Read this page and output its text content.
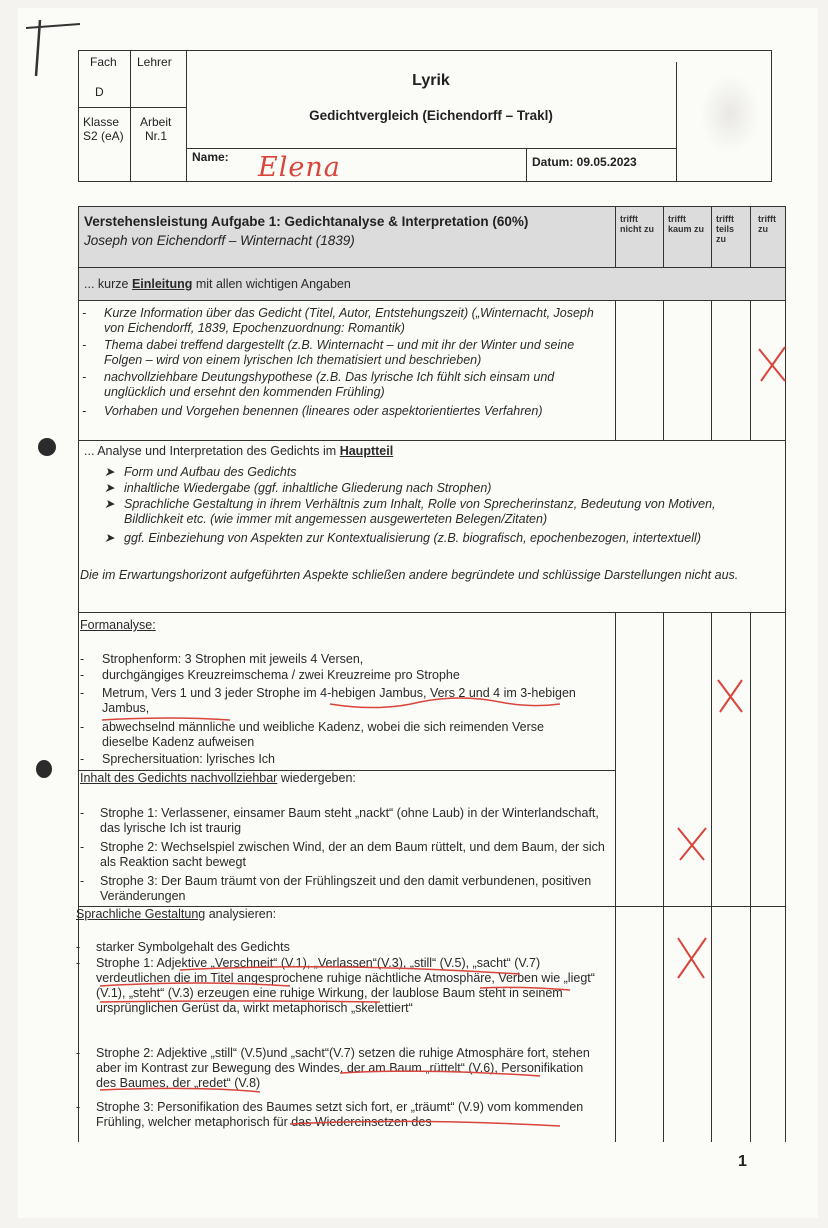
Fach
D
Lehrer
Klasse
S2 (eA)
Arbeit
Nr.1
Lyrik
Gedichtvergleich (Eichendorff – Trakl)
Name: Elena	Datum: 09.05.2023
Verstehensleistung Aufgabe 1: Gedichtanalyse & Interpretation (60%)
Joseph von Eichendorff – Winternacht (1839)
trifft nicht zu
trifft kaum zu
trifft teils zu
trifft zu
... kurze Einleitung mit allen wichtigen Angaben
- Kurze Information über das Gedicht (Titel, Autor, Entstehungszeit) („Winternacht, Joseph von Eichendorff, 1839, Epochenzuordnung: Romantik)
- Thema dabei treffend dargestellt (z.B. Winternacht – und mit ihr der Winter und seine Folgen – wird von einem lyrischen Ich thematisiert und beschrieben)
- nachvollziehbare Deutungshypothese (z.B. Das lyrische Ich fühlt sich einsam und unglücklich und ersehnt den kommenden Frühling)
- Vorhaben und Vorgehen benennen (lineares oder aspektorientiertes Verfahren)
... Analyse und Interpretation des Gedichts im Hauptteil
➤ Form und Aufbau des Gedichts
➤ inhaltliche Wiedergabe (ggf. inhaltliche Gliederung nach Strophen)
➤ Sprachliche Gestaltung in ihrem Verhältnis zum Inhalt, Rolle von Sprecherinstanz, Bedeutung von Motiven, Bildlichkeit etc. (wie immer mit angemessen ausgewerteten Belegen/Zitaten)
➤ ggf. Einbeziehung von Aspekten zur Kontextualisierung (z.B. biografisch, epochenbezogen, intertextuell)
Die im Erwartungshorizont aufgeführten Aspekte schließen andere begründete und schlüssige Darstellungen nicht aus.
Formanalyse:
- Strophenform: 3 Strophen mit jeweils 4 Versen,
- durchgängiges Kreuzreimschema / zwei Kreuzreime pro Strophe
- Metrum, Vers 1 und 3 jeder Strophe im 4-hebigen Jambus, Vers 2 und 4 im 3-hebigen Jambus,
- abwechselnd männliche und weibliche Kadenz, wobei die sich reimenden Verse dieselbe Kadenz aufweisen
- Sprechersituation: lyrisches Ich
Inhalt des Gedichts nachvollziehbar wiedergeben:
- Strophe 1: Verlassener, einsamer Baum steht „nackt“ (ohne Laub) in der Winterlandschaft, das lyrische Ich ist traurig
- Strophe 2: Wechselspiel zwischen Wind, der an dem Baum rüttelt, und dem Baum, der sich als Reaktion sacht bewegt
- Strophe 3: Der Baum träumt von der Frühlingszeit und den damit verbundenen, positiven Veränderungen
Sprachliche Gestaltung analysieren:
- starker Symbolgehalt des Gedichts
- Strophe 1: Adjektive „Verschneit“ (V.1), „Verlassen“(V.3), „still“ (V.5), „sacht“ (V.7) verdeutlichen die im Titel angesprochene ruhige nächtliche Atmosphäre, Verben wie „liegt“ (V.1), „steht“ (V.3) erzeugen eine ruhige Wirkung, der laublose Baum steht in seinem ursprünglichen Gerüst da, wirkt metaphorisch „skelettiert“
- Strophe 2: Adjektive „still“ (V.5)und „sacht“(V.7) setzen die ruhige Atmosphäre fort, stehen aber im Kontrast zur Bewegung des Windes, der am Baum „rüttelt“ (V.6), Personifikation des Baumes, der „redet“ (V.8)
- Strophe 3: Personifikation des Baumes setzt sich fort, er „träumt“ (V.9) vom kommenden Frühling, welcher metaphorisch für das Wiedereinsetzen des
1
